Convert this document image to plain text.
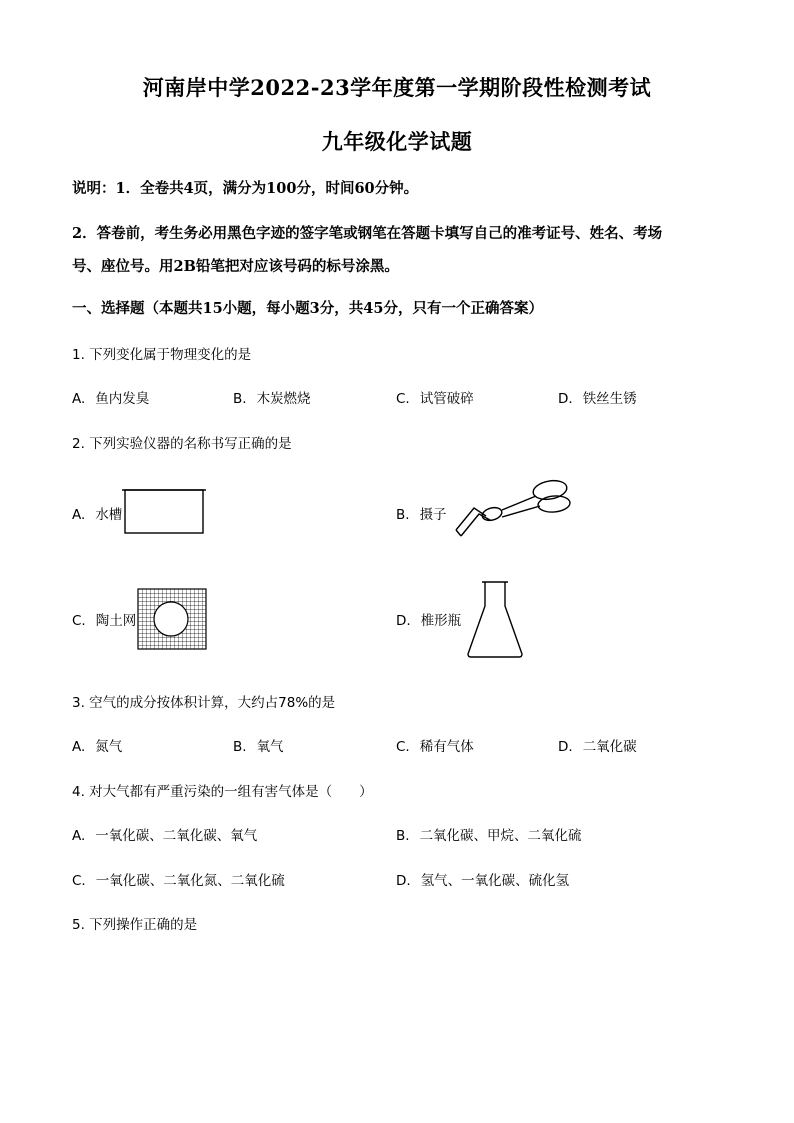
河南岸中学2022-23学年度第一学期阶段性检测考试
九年级化学试题
说明：1．全卷共4页，满分为100分，时间60分钟。
2．答卷前，考生务必用黑色字迹的签字笔或钢笔在答题卡填写自己的准考证号、姓名、考场
号、座位号。用2B铅笔把对应该号码的标号涂黑。
一、选择题（本题共15小题，每小题3分，共45分，只有一个正确答案）
1. 下列变化属于物理变化的是
A. 鱼内发臭	B. 木炭燃烧	C. 试管破碎	D. 铁丝生锈
2. 下列实验仪器的名称书写正确的是
A. 水槽	B. 摄子
C. 陶土网	D. 椎形瓶
3. 空气的成分按体积计算，大约占78%的是
A. 氮气	B. 氧气	C. 稀有气体	D. 二氧化碳
4. 对大气都有严重污染的一组有害气体是（　　）
A. 一氧化碳、二氧化碳、氧气	B. 二氧化碳、甲烷、二氧化硫
C. 一氧化碳、二氧化氮、二氧化硫	D. 氢气、一氧化碳、硫化氢
5. 下列操作正确的是
